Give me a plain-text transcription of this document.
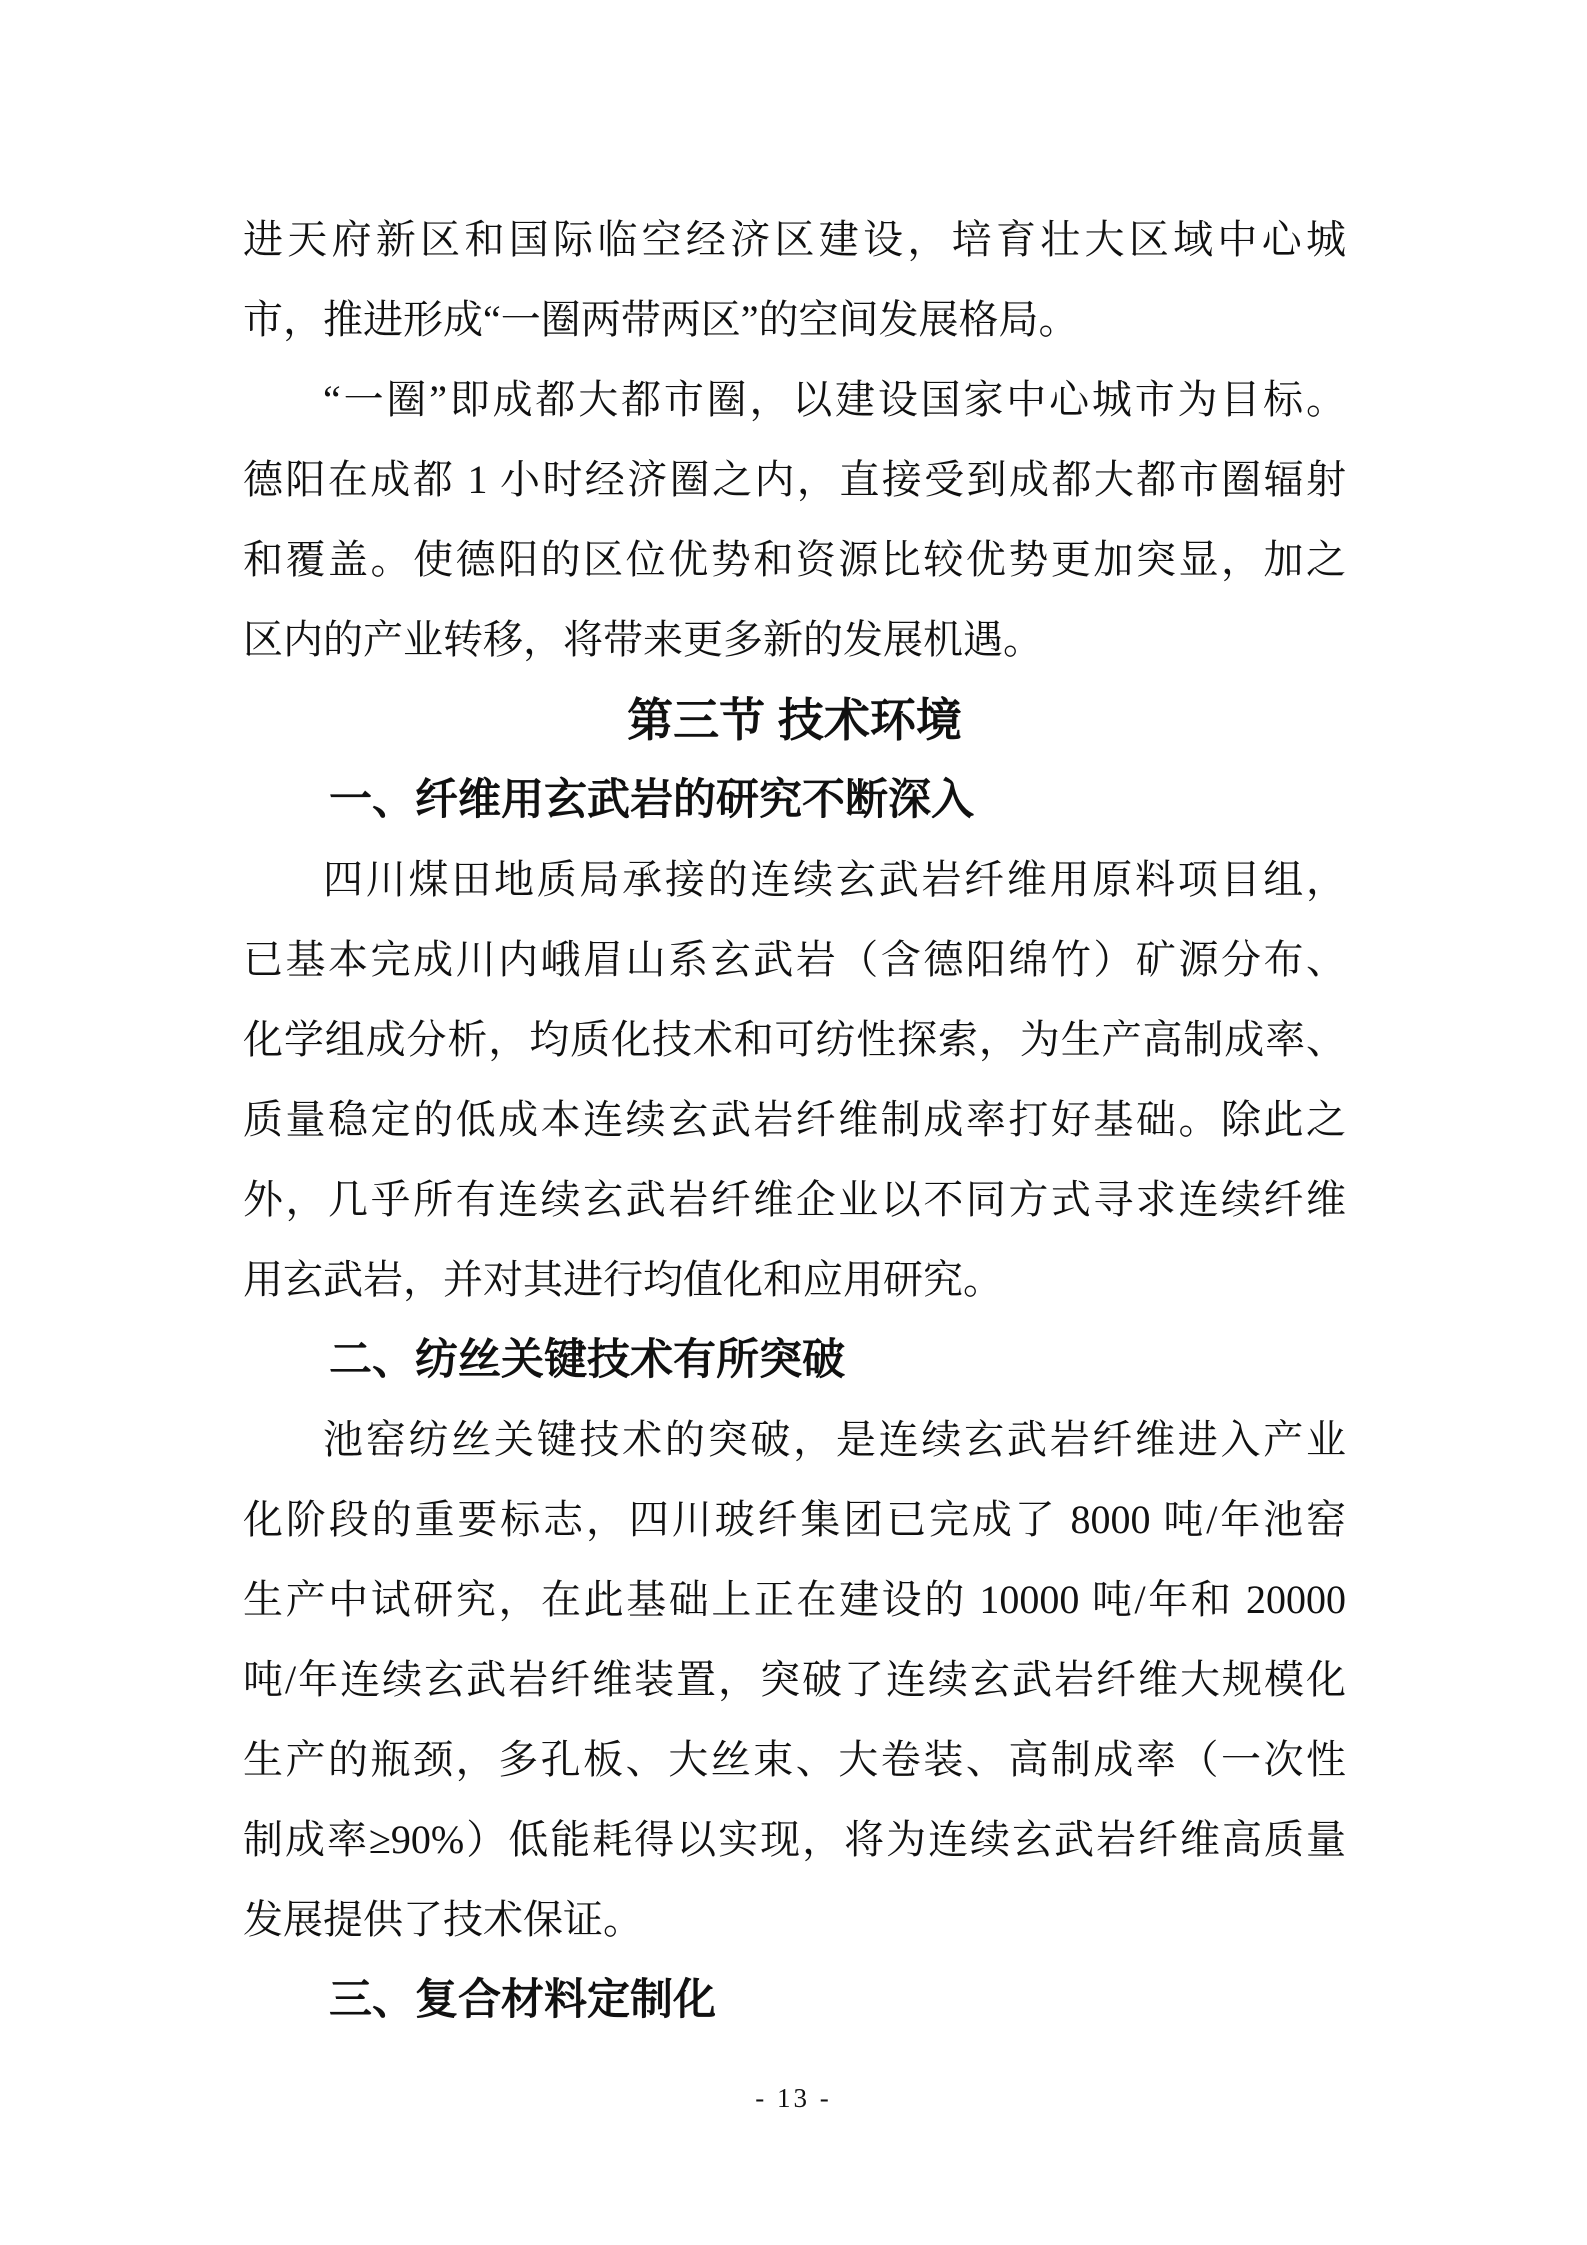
进天府新区和国际临空经济区建设，培育壮大区域中心城
市，推进形成“一圈两带两区”的空间发展格局。
“一圈”即成都大都市圈，以建设国家中心城市为目标。
德阳在成都 1 小时经济圈之内，直接受到成都大都市圈辐射
和覆盖。使德阳的区位优势和资源比较优势更加突显，加之
区内的产业转移，将带来更多新的发展机遇。
第三节 技术环境
一、纤维用玄武岩的研究不断深入
四川煤田地质局承接的连续玄武岩纤维用原料项目组，
已基本完成川内峨眉山系玄武岩（含德阳绵竹）矿源分布、
化学组成分析，均质化技术和可纺性探索，为生产高制成率、
质量稳定的低成本连续玄武岩纤维制成率打好基础。除此之
外，几乎所有连续玄武岩纤维企业以不同方式寻求连续纤维
用玄武岩，并对其进行均值化和应用研究。
二、纺丝关键技术有所突破
池窑纺丝关键技术的突破，是连续玄武岩纤维进入产业
化阶段的重要标志，四川玻纤集团已完成了 8000 吨/年池窑
生产中试研究，在此基础上正在建设的 10000 吨/年和 20000
吨/年连续玄武岩纤维装置，突破了连续玄武岩纤维大规模化
生产的瓶颈，多孔板、大丝束、大卷装、高制成率（一次性
制成率≥90%）低能耗得以实现，将为连续玄武岩纤维高质量
发展提供了技术保证。
三、复合材料定制化
- 13 -
